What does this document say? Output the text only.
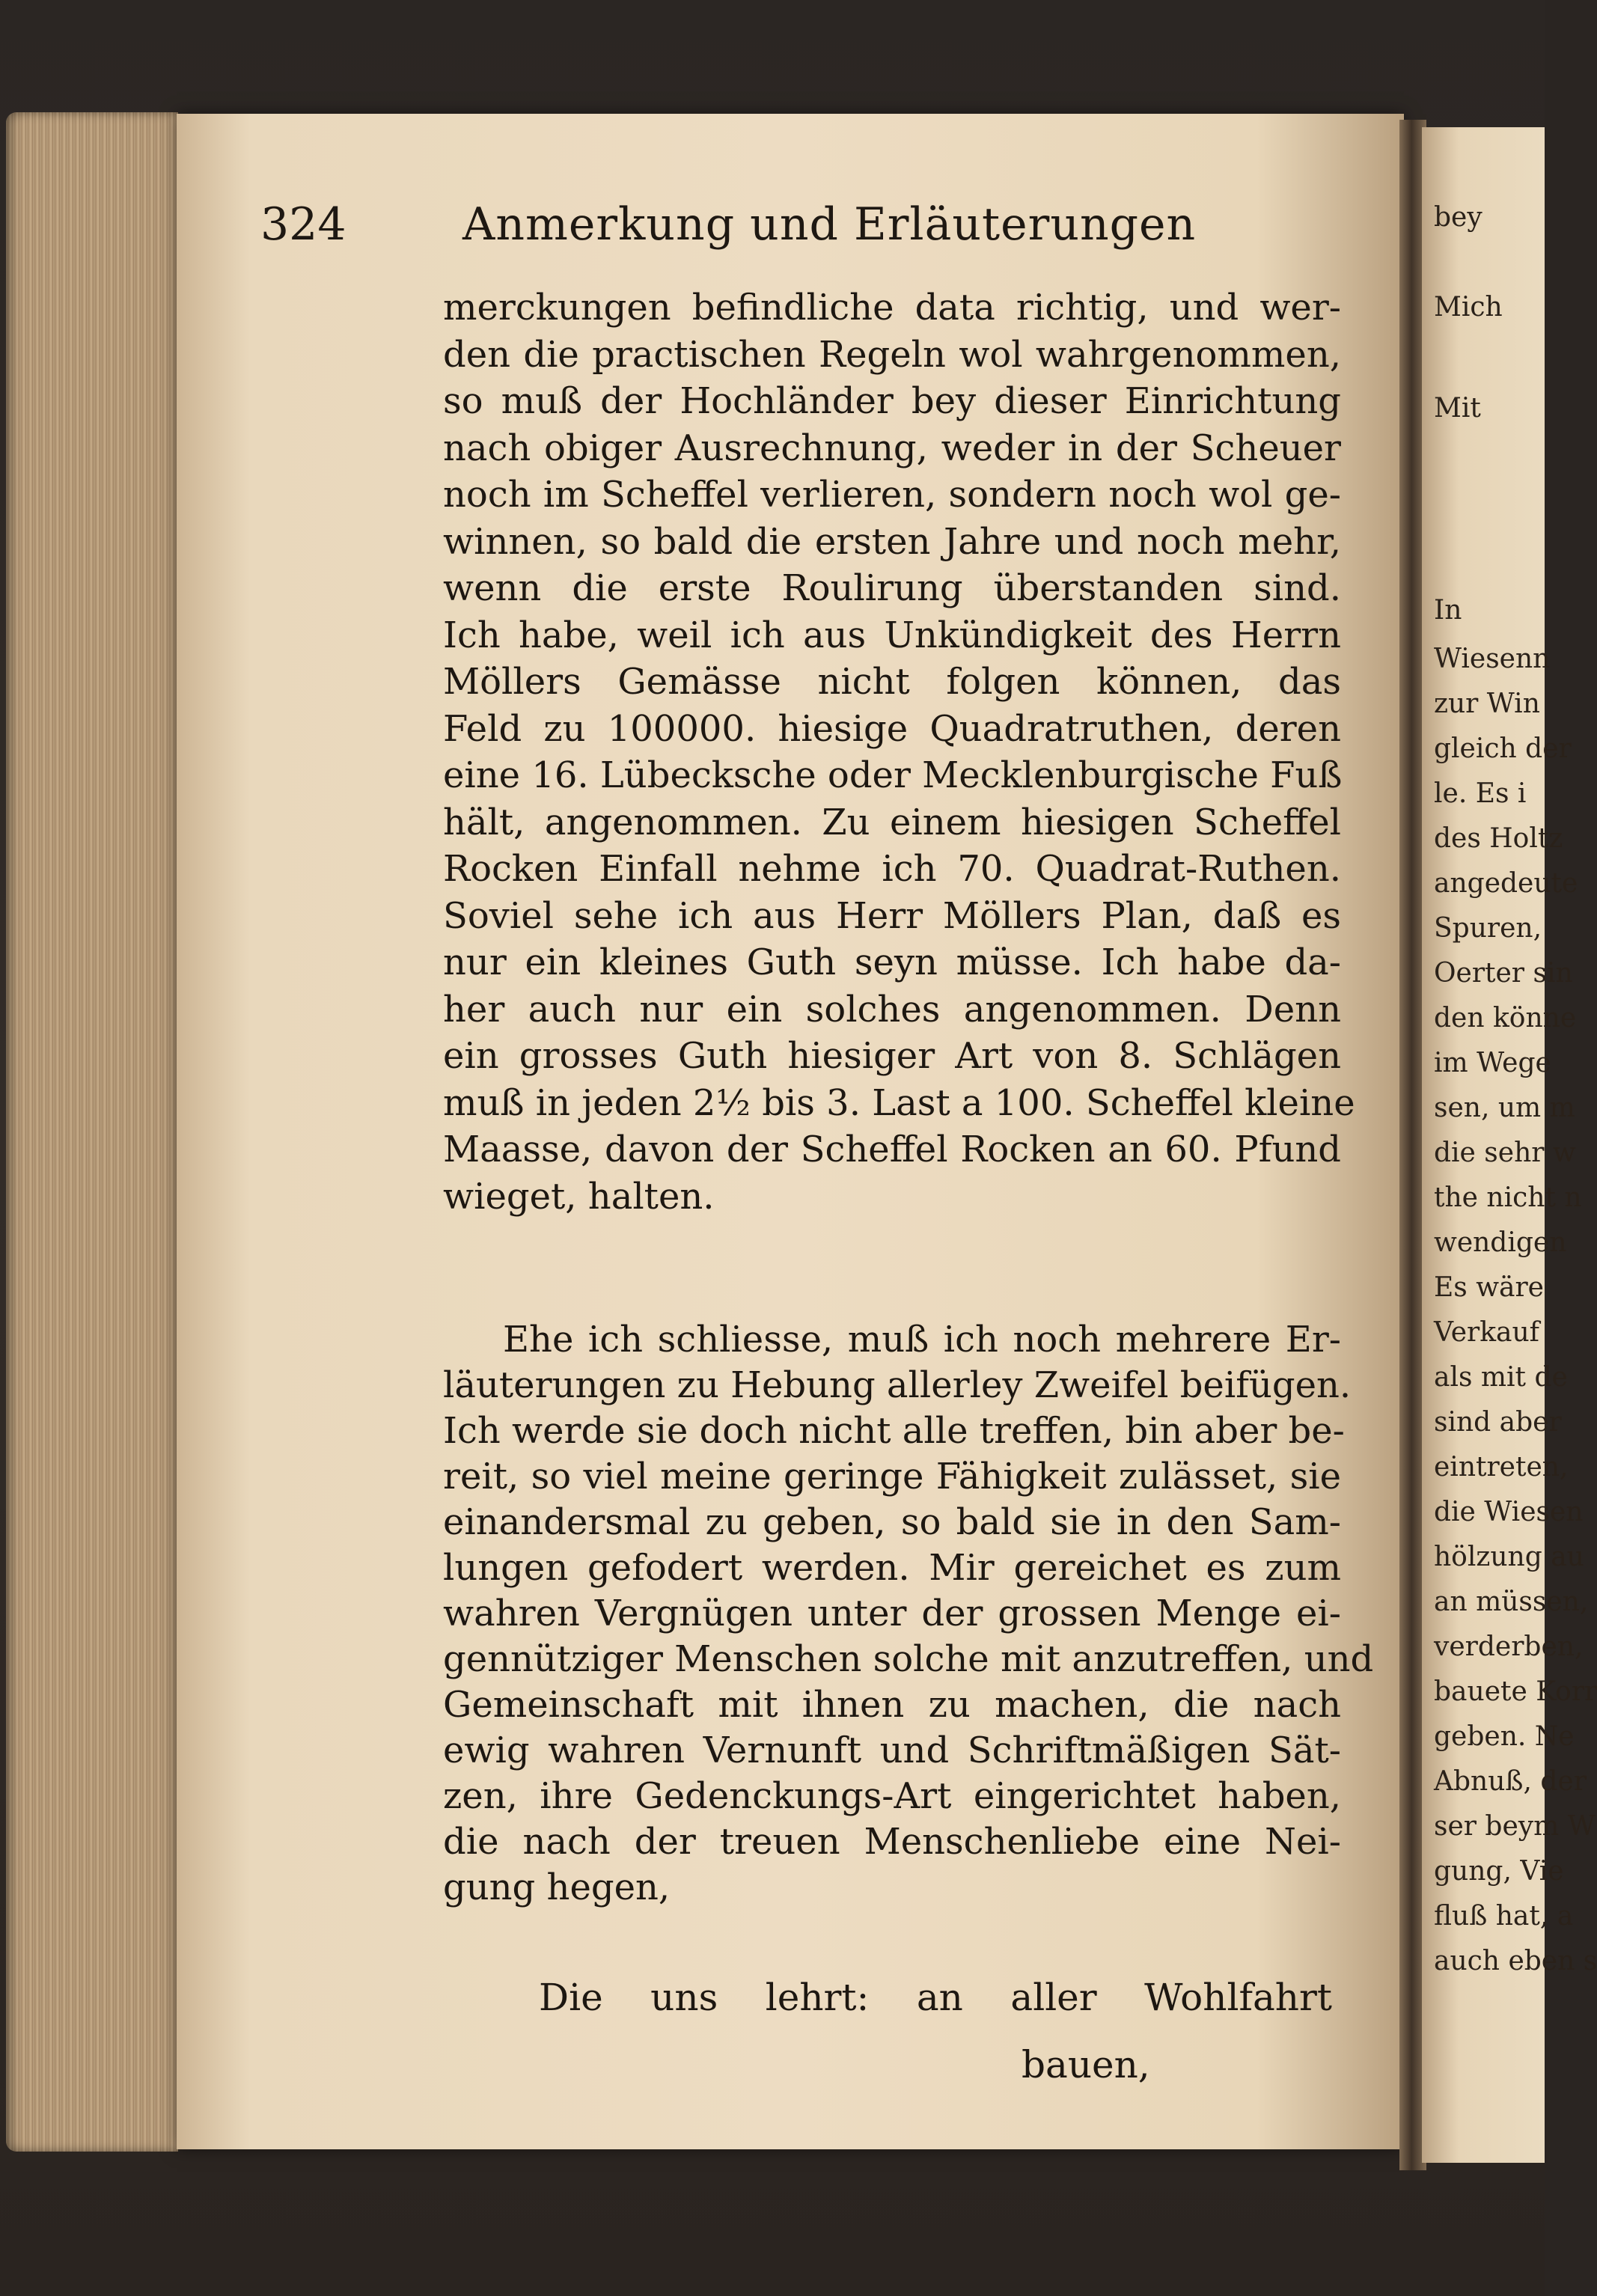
bey
Mich
Mit
In
Wiesenn
zur Win
gleich der
le. Es i
des Holtz
angedeute
Spuren,
Oerter sin
den könne
im Wege
sen, um m
die sehr w
the nicht n
wendigen
Es wäre
Verkauf
als mit de
sind aber
eintreten,
die Wiesen
hölzung au
an müssen,
verderben,
bauete Korr
geben. Ne
Abnuß, der
ser beym W
gung, Vie
fluß hat, a
auch eben s
324	Anmerkung und Erläuterungen
merckungen befindliche data richtig, und wer-
den die practischen Regeln wol wahrgenommen,
so muß der Hochländer bey dieser Einrichtung
nach obiger Ausrechnung, weder in der Scheuer
noch im Scheffel verlieren, sondern noch wol ge-
winnen, so bald die ersten Jahre und noch mehr,
wenn die erste Roulirung überstanden sind.
Ich habe, weil ich aus Unkündigkeit des Herrn
Möllers Gemässe nicht folgen können, das
Feld zu 100000. hiesige Quadratruthen, deren
eine 16. Lübecksche oder Mecklenburgische Fuß
hält, angenommen. Zu einem hiesigen Scheffel
Rocken Einfall nehme ich 70. Quadrat-Ruthen.
Soviel sehe ich aus Herr Möllers Plan, daß es
nur ein kleines Guth seyn müsse. Ich habe da-
her auch nur ein solches angenommen. Denn
ein grosses Guth hiesiger Art von 8. Schlägen
muß in jeden 2½ bis 3. Last a 100. Scheffel kleine
Maasse, davon der Scheffel Rocken an 60. Pfund
wieget, halten.
Ehe ich schliesse, muß ich noch mehrere Er-
läuterungen zu Hebung allerley Zweifel beifügen.
Ich werde sie doch nicht alle treffen, bin aber be-
reit, so viel meine geringe Fähigkeit zulässet, sie
einandersmal zu geben, so bald sie in den Sam-
lungen gefodert werden. Mir gereichet es zum
wahren Vergnügen unter der grossen Menge ei-
gennütziger Menschen solche mit anzutreffen, und
Gemeinschaft mit ihnen zu machen, die nach
ewig wahren Vernunft und Schriftmäßigen Sät-
zen, ihre Gedenckungs-Art eingerichtet haben,
die nach der treuen Menschenliebe eine Nei-
gung hegen,
Die uns lehrt: an aller Wohlfahrt
bauen,
